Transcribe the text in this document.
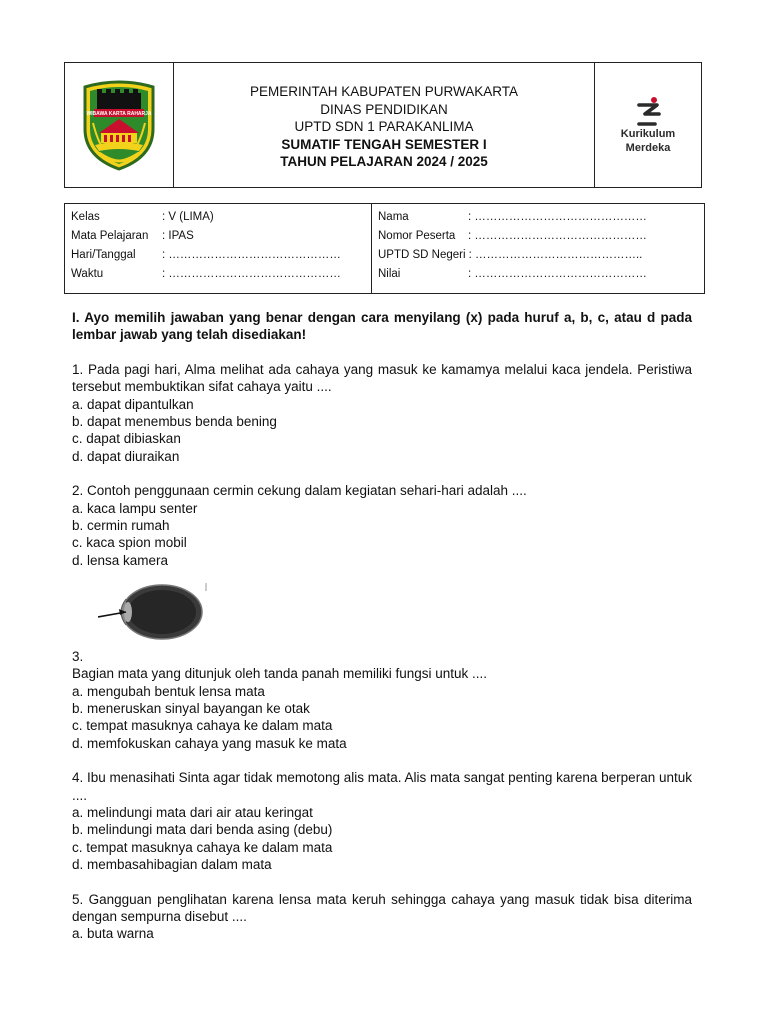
WIBAWA KARTA RAHARJA
PEMERINTAH KABUPATEN PURWAKARTA
DINAS PENDIDIKAN
UPTD SDN 1 PARAKANLIMA
SUMATIF TENGAH SEMESTER I
TAHUN PELAJARAN 2024 / 2025
Kurikulum
Merdeka
Kelas	: V (LIMA)
Mata Pelajaran	: IPAS
Hari/Tanggal	: ………………………………………
Waktu	: ………………………………………
Nama	: ………………………………………
Nomor Peserta	: ………………………………………
UPTD SD Negeri : ……………………………………..
Nilai	: ………………………………………
I. Ayo memilih jawaban yang benar dengan cara menyilang (x) pada huruf a, b, c, atau d pada lembar jawab yang telah disediakan!
1. Pada pagi hari, Alma melihat ada cahaya yang masuk ke kamamya melalui kaca jendela. Peristiwa tersebut membuktikan sifat cahaya yaitu ....
a. dapat dipantulkan
b. dapat menembus benda bening
c. dapat dibiaskan
d. dapat diuraikan
2. Contoh penggunaan cermin cekung dalam kegiatan sehari-hari adalah ....
a. kaca lampu senter
b. cermin rumah
c. kaca spion mobil
d. lensa kamera
3.
Bagian mata yang ditunjuk oleh tanda panah memiliki fungsi untuk ....
a. mengubah bentuk lensa mata
b. meneruskan sinyal bayangan ke otak
c. tempat masuknya cahaya ke dalam mata
d. memfokuskan cahaya yang masuk ke mata
4. Ibu menasihati Sinta agar tidak memotong alis mata. Alis mata sangat penting karena berperan untuk ....
a. melindungi mata dari air atau keringat
b. melindungi mata dari benda asing (debu)
c. tempat masuknya cahaya ke dalam mata
d. membasahibagian dalam mata
5. Gangguan penglihatan karena lensa mata keruh sehingga cahaya yang masuk tidak bisa diterima dengan sempurna disebut ....
a. buta warna
